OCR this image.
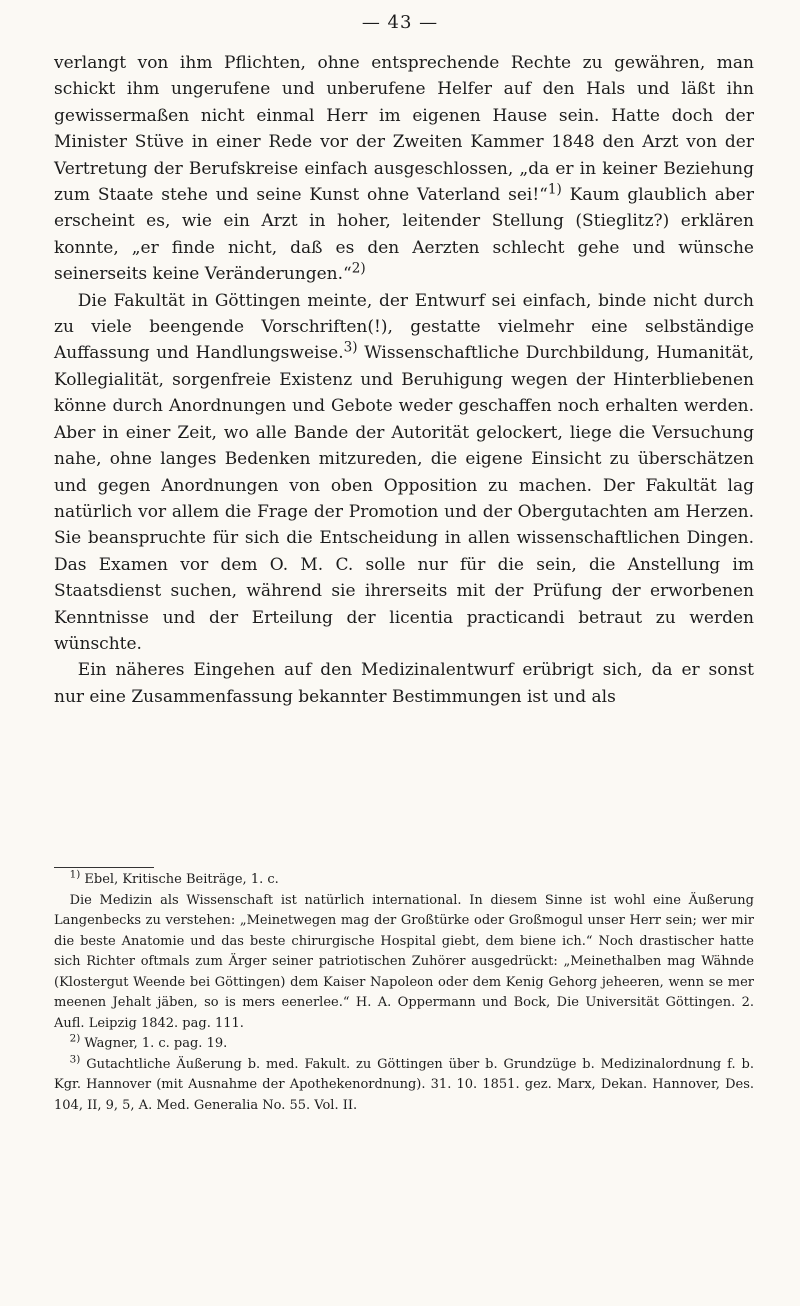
— 43 —

verlangt von ihm Pflichten, ohne entsprechende Rechte zu gewähren, man schickt ihm ungerufene und unberufene Helfer auf den Hals und läßt ihn gewissermaßen nicht einmal Herr im eigenen Hause sein. Hatte doch der Minister Stüve in einer Rede vor der Zweiten Kammer 1848 den Arzt von der Vertretung der Berufskreise einfach ausgeschlossen, „da er in keiner Beziehung zum Staate stehe und seine Kunst ohne Vaterland sei!“$^{1)}$ Kaum glaublich aber erscheint es, wie ein Arzt in hoher, leitender Stellung (Stieglitz?) erklären konnte, „er finde nicht, daß es den Aerzten schlecht gehe und wünsche seinerseits keine Veränderungen.“$^{2)}$

Die Fakultät in Göttingen meinte, der Entwurf sei einfach, binde nicht durch zu viele beengende Vorschriften(!), gestatte vielmehr eine selbständige Auffassung und Handlungsweise.$^{3)}$ Wissenschaftliche Durchbildung, Humanität, Kollegialität, sorgenfreie Existenz und Beruhigung wegen der Hinterbliebenen könne durch Anordnungen und Gebote weder geschaffen noch erhalten werden. Aber in einer Zeit, wo alle Bande der Autorität gelockert, liege die Versuchung nahe, ohne langes Bedenken mitzureden, die eigene Einsicht zu überschätzen und gegen Anordnungen von oben Opposition zu machen. Der Fakultät lag natürlich vor allem die Frage der Promotion und der Obergutachten am Herzen. Sie beanspruchte für sich die Entscheidung in allen wissenschaftlichen Dingen. Das Examen vor dem O. M. C. solle nur für die sein, die Anstellung im Staatsdienst suchen, während sie ihrerseits mit der Prüfung der erworbenen Kenntnisse und der Erteilung der licentia practicandi betraut zu werden wünschte.

Ein näheres Eingehen auf den Medizinalentwurf erübrigt sich, da er sonst nur eine Zusammenfassung bekannter Bestimmungen ist und als

$^{1)}$ Ebel, Kritische Beiträge, 1. c.

Die Medizin als Wissenschaft ist natürlich international. In diesem Sinne ist wohl eine Äußerung Langenbecks zu verstehen: „Meinetwegen mag der Großtürke oder Großmogul unser Herr sein; wer mir die beste Anatomie und das beste chirurgische Hospital giebt, dem biene ich.“ Noch drastischer hatte sich Richter oftmals zum Ärger seiner patriotischen Zuhörer ausgedrückt: „Meinethalben mag Wähnde (Klostergut Weende bei Göttingen) dem Kaiser Napoleon oder dem Kenig Gehorg jeheeren, wenn se mer meenen Jehalt jäben, so is mers eenerlee.“ H. A. Oppermann und Bock, Die Universität Göttingen. 2. Aufl. Leipzig 1842. pag. 111.

$^{2)}$ Wagner, 1. c. pag. 19.

$^{3)}$ Gutachtliche Äußerung b. med. Fakult. zu Göttingen über b. Grundzüge b. Medizinalordnung f. b. Kgr. Hannover (mit Ausnahme der Apothekenordnung). 31. 10. 1851. gez. Marx, Dekan. Hannover, Des. 104, II, 9, 5, A. Med. Generalia No. 55. Vol. II.
